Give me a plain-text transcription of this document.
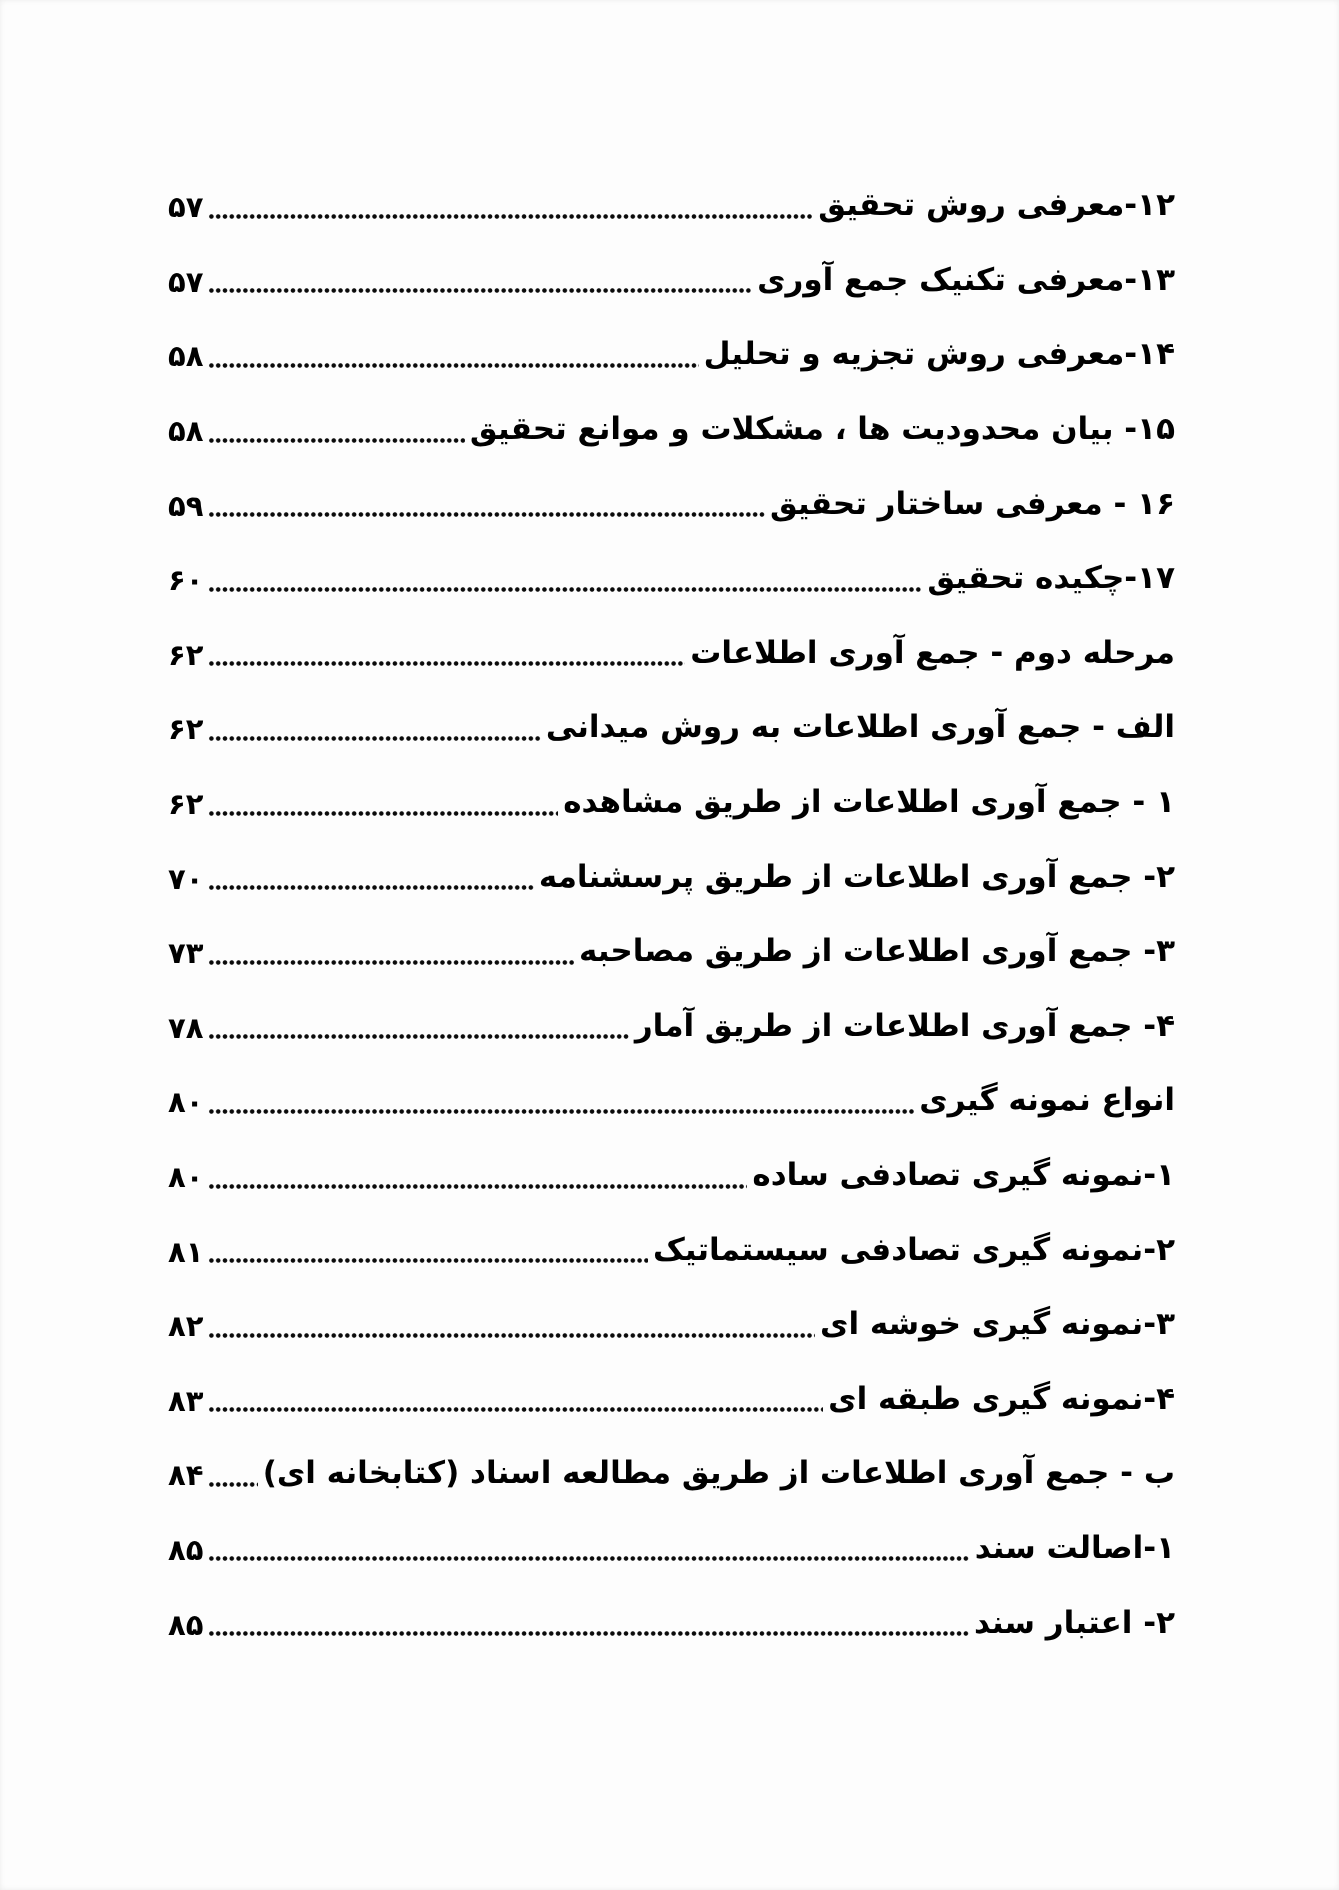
۱۲-معرفی روش تحقیق
۵۷
۱۳-معرفی تکنیک جمع آوری
۵۷
۱۴-معرفی روش تجزیه و تحلیل
۵۸
۱۵- بیان محدودیت ها ، مشکلات و موانع تحقیق
۵۸
۱۶ - معرفی ساختار تحقیق
۵۹
۱۷-چکیده تحقیق
۶۰
مرحله دوم - جمع آوری اطلاعات
۶۲
الف - جمع آوری اطلاعات به روش میدانی
۶۲
۱ - جمع آوری اطلاعات از طریق مشاهده
۶۲
۲- جمع آوری اطلاعات از طریق پرسشنامه
۷۰
۳- جمع آوری اطلاعات از طریق مصاحبه
۷۳
۴- جمع آوری اطلاعات از طریق آمار
۷۸
انواع نمونه گیری
۸۰
۱-نمونه گیری تصادفی ساده
۸۰
۲-نمونه گیری تصادفی سیستماتیک
۸۱
۳-نمونه گیری خوشه ای
۸۲
۴-نمونه گیری طبقه ای
۸۳
ب - جمع آوری اطلاعات از طریق مطالعه اسناد (کتابخانه ای)
۸۴
۱-اصالت سند
۸۵
۲- اعتبار سند
۸۵
